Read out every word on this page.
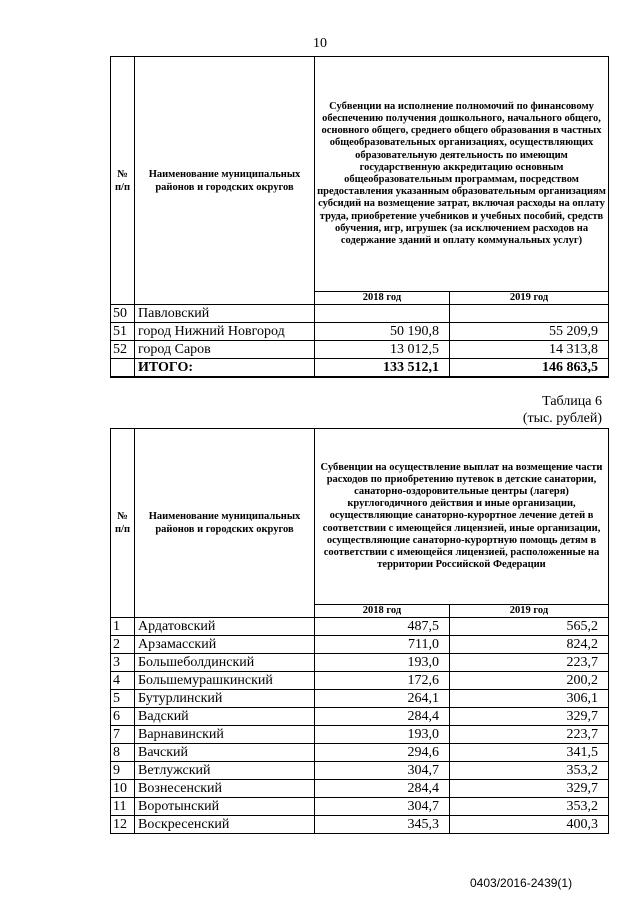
10
№ п/п	Наименование муниципальных районов и городских округов	Субвенции на исполнение полномочий по финансовому обеспечению получения дошкольного, начального общего, основного общего, среднего общего образования в частных общеобразовательных организациях, осуществляющих образовательную деятельность по имеющим государственную аккредитацию основным общеобразовательным программам, посредством предоставления указанным образовательным организациям субсидий на возмещение затрат, включая расходы на оплату труда, приобретение учебников и учебных пособий, средств обучения, игр, игрушек (за исключением расходов на содержание зданий и оплату коммунальных услуг)	
		2018 год	2019 год
50	Павловский		
51	город Нижний Новгород	50 190,8	55 209,9
52	город Саров	13 012,5	14 313,8
	ИТОГО:	133 512,1	146 863,5
Таблица 6
(тыс. рублей)
№ п/п	Наименование муниципальных районов и городских округов	Субвенции на осуществление выплат на возмещение части расходов по приобретению путевок в детские санатории, санаторно-оздоровительные центры (лагеря) круглогодичного действия и иные организации, осуществляющие санаторно-курортное лечение детей в соответствии с имеющейся лицензией, иные организации, осуществляющие санаторно-курортную помощь детям в соответствии с имеющейся лицензией, расположенные на территории Российской Федерации	
		2018 год	2019 год
1	Ардатовский	487,5	565,2
2	Арзамасский	711,0	824,2
3	Большеболдинский	193,0	223,7
4	Большемурашкинский	172,6	200,2
5	Бутурлинский	264,1	306,1
6	Вадский	284,4	329,7
7	Варнавинский	193,0	223,7
8	Вачский	294,6	341,5
9	Ветлужский	304,7	353,2
10	Вознесенский	284,4	329,7
11	Воротынский	304,7	353,2
12	Воскресенский	345,3	400,3
0403/2016-2439(1)
